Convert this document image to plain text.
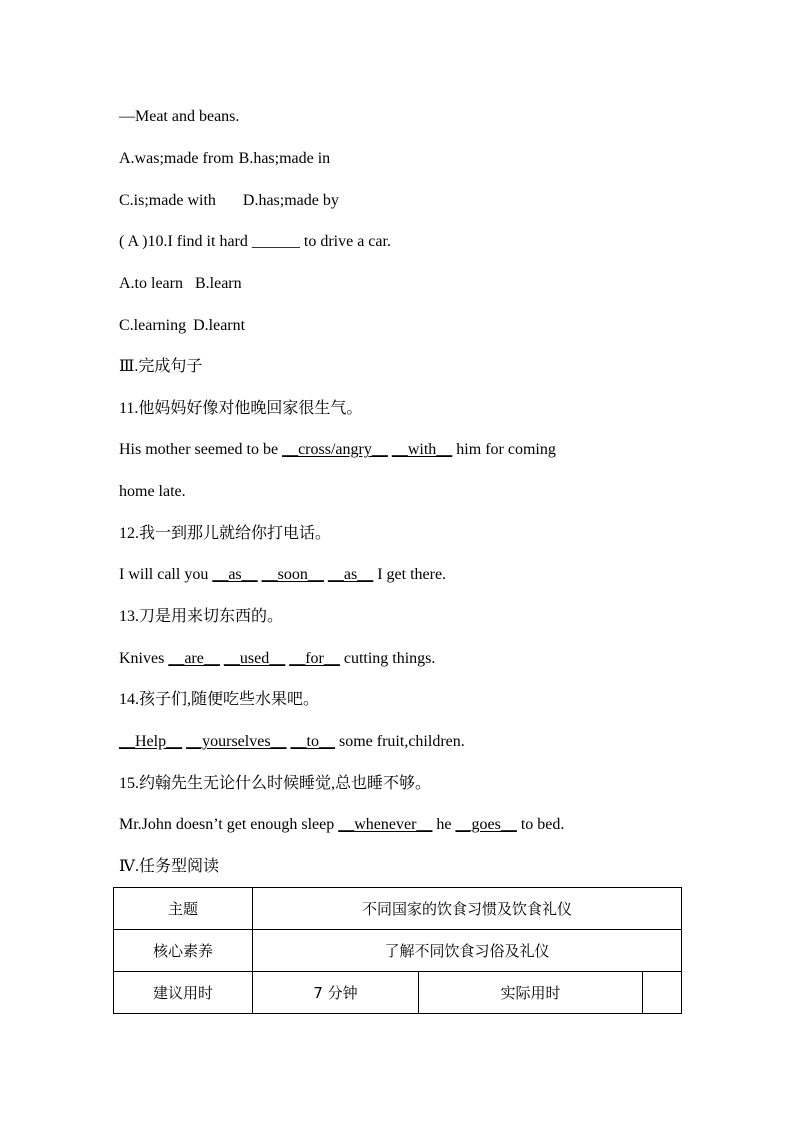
—Meat and beans.
A.was;made from B.has;made in
C.is;made with D.has;made by
( A )10.I find it hard ______ to drive a car.
A.to learn B.learn
C.learning D.learnt
Ⅲ.完成句子
11.他妈妈好像对他晚回家很生气。
His mother seemed to be __cross/angry__ __with__ him for coming
home late.
12.我一到那儿就给你打电话。
I will call you __as__ __soon__ __as__ I get there.
13.刀是用来切东西的。
Knives __are__ __used__ __for__ cutting things.
14.孩子们,随便吃些水果吧。
__Help__ __yourselves__ __to__ some fruit,children.
15.约翰先生无论什么时候睡觉,总也睡不够。
Mr.John doesn’t get enough sleep __whenever__ he __goes__ to bed.
Ⅳ.任务型阅读
主题	不同国家的饮食习惯及饮食礼仪		
核心素养	了解不同饮食习俗及礼仪		
建议用时	7 分钟	实际用时	
